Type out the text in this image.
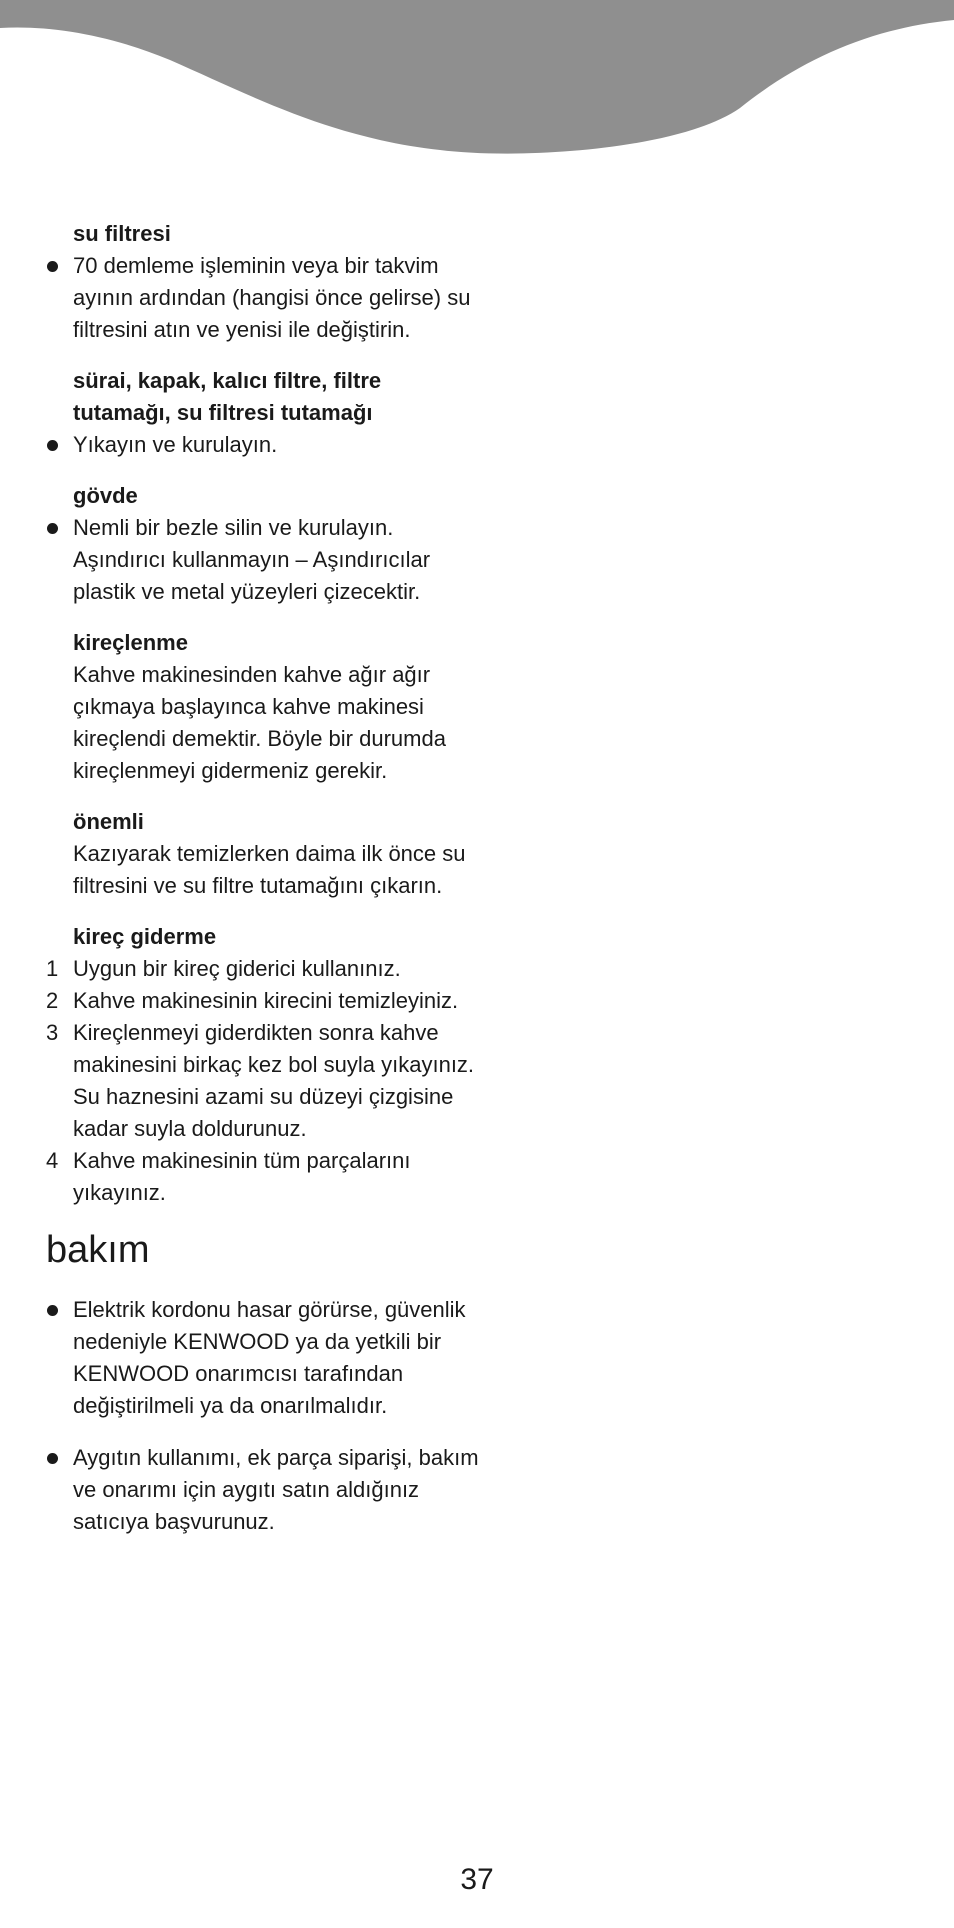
su filtresi
70 demleme işleminin veya bir takvim ayının ardından (hangisi önce gelirse) su filtresini atın ve yenisi ile değiştirin.
sürai, kapak, kalıcı filtre, filtre
tutamağı, su filtresi tutamağı
Yıkayın ve kurulayın.
gövde
Nemli bir bezle silin ve kurulayın. Aşındırıcı kullanmayın – Aşındırıcılar plastik ve metal yüzeyleri çizecektir.
kireçlenme
Kahve makinesinden kahve ağır ağır çıkmaya başlayınca kahve makinesi kireçlendi demektir. Böyle bir durumda kireçlenmeyi gidermeniz gerekir.
önemli
Kazıyarak temizlerken daima ilk önce su filtresini ve su filtre tutamağını çıkarın.
kireç giderme
1 Uygun bir kireç giderici kullanınız.
2 Kahve makinesinin kirecini temizleyiniz.
3 Kireçlenmeyi giderdikten sonra kahve makinesini birkaç kez bol suyla yıkayınız. Su haznesini azami su düzeyi çizgisine kadar suyla doldurunuz.
4 Kahve makinesinin tüm parçalarını yıkayınız.
bakım
Elektrik kordonu hasar görürse, güvenlik nedeniyle KENWOOD ya da yetkili bir KENWOOD onarımcısı tarafından değiştirilmeli ya da onarılmalıdır.
Aygıtın kullanımı, ek parça siparişi, bakım ve onarımı için aygıtı satın aldığınız satıcıya başvurunuz.
37
